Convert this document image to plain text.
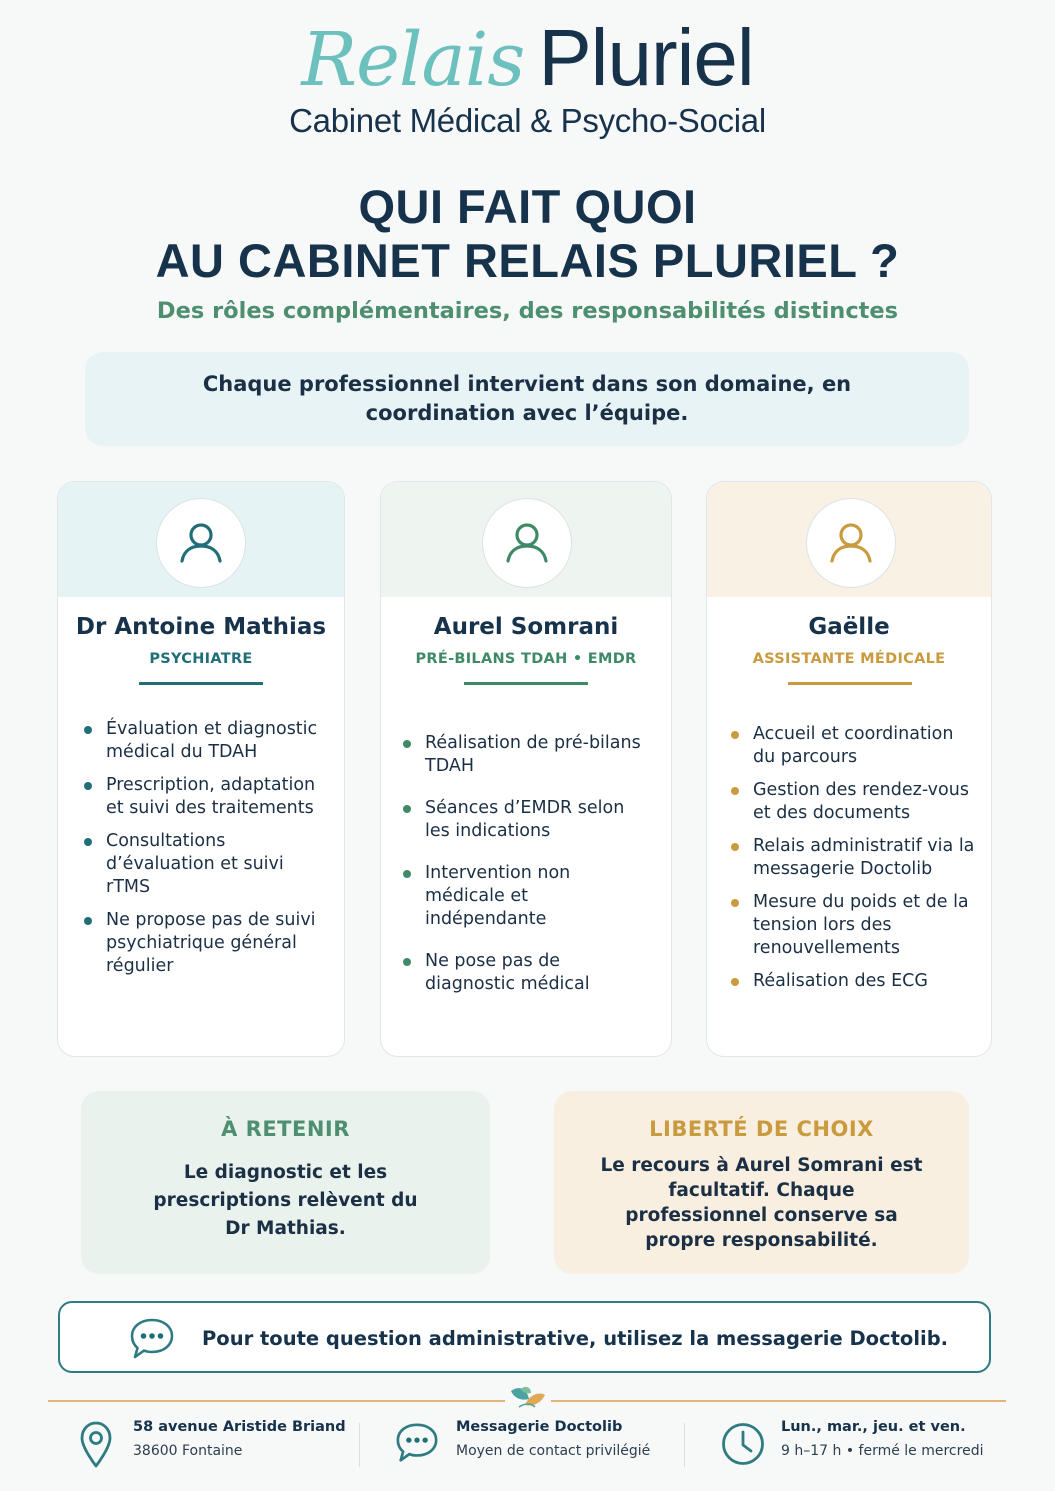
Relais Pluriel
Cabinet Médical & Psycho-Social
QUI FAIT QUOI
AU CABINET RELAIS PLURIEL ?
Des rôles complémentaires, des responsabilités distinctes
Chaque professionnel intervient dans son domaine, en coordination avec l’équipe.
Dr Antoine Mathias
PSYCHIATRE
Évaluation et diagnostic médical du TDAH
Prescription, adaptation et suivi des traitements
Consultations d’évaluation et suivi rTMS
Ne propose pas de suivi psychiatrique général régulier
Aurel Somrani
PRÉ-BILANS TDAH • EMDR
Réalisation de pré-bilans TDAH
Séances d’EMDR selon les indications
Intervention non médicale et indépendante
Ne pose pas de diagnostic médical
Gaëlle
ASSISTANTE MÉDICALE
Accueil et coordination du parcours
Gestion des rendez-vous et des documents
Relais administratif via la messagerie Doctolib
Mesure du poids et de la tension lors des renouvellements
Réalisation des ECG
À RETENIR
Le diagnostic et les prescriptions relèvent du Dr Mathias.
LIBERTÉ DE CHOIX
Le recours à Aurel Somrani est facultatif. Chaque professionnel conserve sa propre responsabilité.
Pour toute question administrative, utilisez la messagerie Doctolib.
58 avenue Aristide Briand
38600 Fontaine
Messagerie Doctolib
Moyen de contact privilégié
Lun., mar., jeu. et ven.
9 h–17 h • fermé le mercredi
